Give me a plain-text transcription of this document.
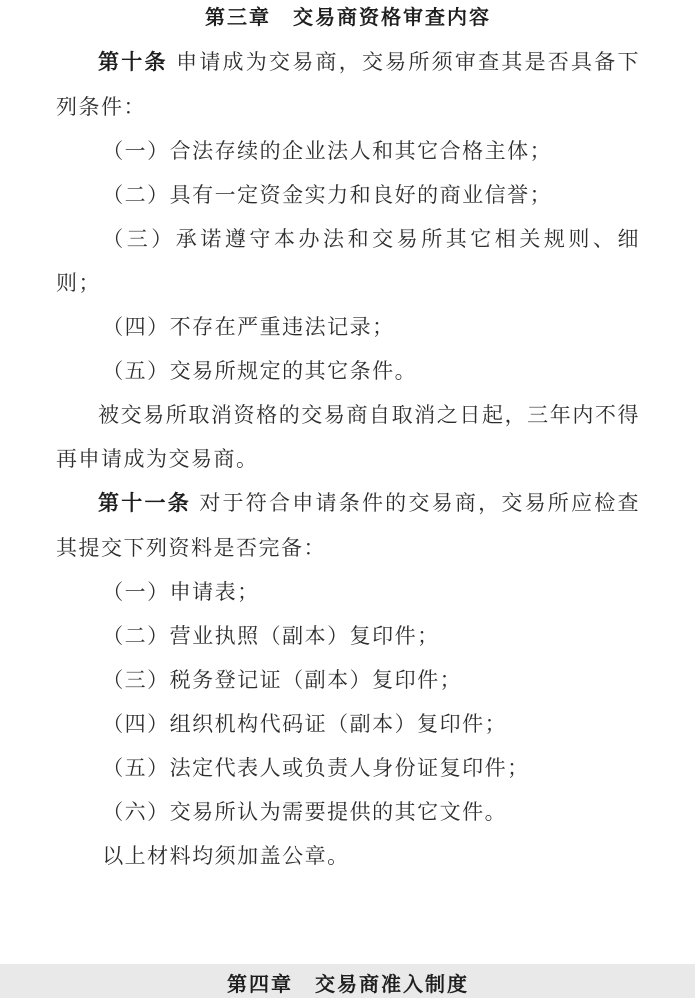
第三章　交易商资格审查内容

第十条 申请成为交易商，交易所须审查其是否具备下列条件：

（一）合法存续的企业法人和其它合格主体；

（二）具有一定资金实力和良好的商业信誉；

（三）承诺遵守本办法和交易所其它相关规则、细则；

（四）不存在严重违法记录；

（五）交易所规定的其它条件。

被交易所取消资格的交易商自取消之日起，三年内不得再申请成为交易商。

第十一条 对于符合申请条件的交易商，交易所应检查其提交下列资料是否完备：

（一）申请表；

（二）营业执照（副本）复印件；

（三）税务登记证（副本）复印件；

（四）组织机构代码证（副本）复印件；

（五）法定代表人或负责人身份证复印件；

（六）交易所认为需要提供的其它文件。

以上材料均须加盖公章。

第四章　交易商准入制度
